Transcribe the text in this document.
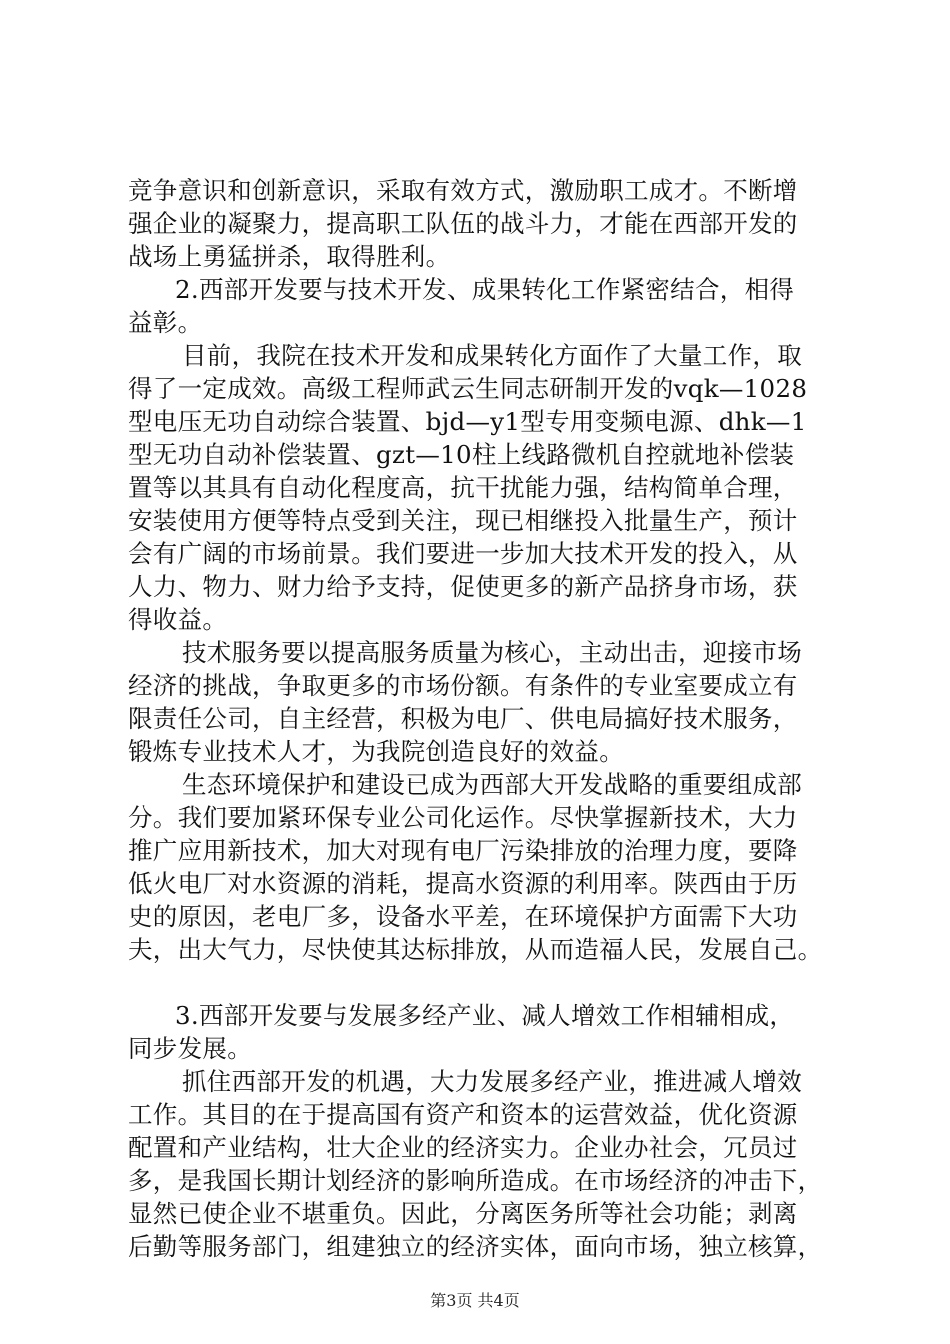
竞争意识和创新意识，采取有效方式，激励职工成才。不断增
强企业的凝聚力，提高职工队伍的战斗力，才能在西部开发的
战场上勇猛拼杀，取得胜利。
2.西部开发要与技术开发、成果转化工作紧密结合，相得
益彰。
目前，我院在技术开发和成果转化方面作了大量工作，取
得了一定成效。高级工程师武云生同志研制开发的vqk—1028
型电压无功自动综合装置、bjd—y1型专用变频电源、dhk—1
型无功自动补偿装置、gzt—10柱上线路微机自控就地补偿装
置等以其具有自动化程度高，抗干扰能力强，结构简单合理，
安装使用方便等特点受到关注，现已相继投入批量生产，预计
会有广阔的市场前景。我们要进一步加大技术开发的投入，从
人力、物力、财力给予支持，促使更多的新产品挤身市场，获
得收益。
技术服务要以提高服务质量为核心，主动出击，迎接市场
经济的挑战，争取更多的市场份额。有条件的专业室要成立有
限责任公司，自主经营，积极为电厂、供电局搞好技术服务，
锻炼专业技术人才，为我院创造良好的效益。
生态环境保护和建设已成为西部大开发战略的重要组成部
分。我们要加紧环保专业公司化运作。尽快掌握新技术，大力
推广应用新技术，加大对现有电厂污染排放的治理力度，要降
低火电厂对水资源的消耗，提高水资源的利用率。陕西由于历
史的原因，老电厂多，设备水平差，在环境保护方面需下大功
夫，出大气力，尽快使其达标排放，从而造福人民，发展自己。
3.西部开发要与发展多经产业、减人增效工作相辅相成，
同步发展。
抓住西部开发的机遇，大力发展多经产业，推进减人增效
工作。其目的在于提高国有资产和资本的运营效益，优化资源
配置和产业结构，壮大企业的经济实力。企业办社会，冗员过
多，是我国长期计划经济的影响所造成。在市场经济的冲击下，
显然已使企业不堪重负。因此，分离医务所等社会功能；剥离
后勤等服务部门，组建独立的经济实体，面向市场，独立核算，
第3页 共4页
